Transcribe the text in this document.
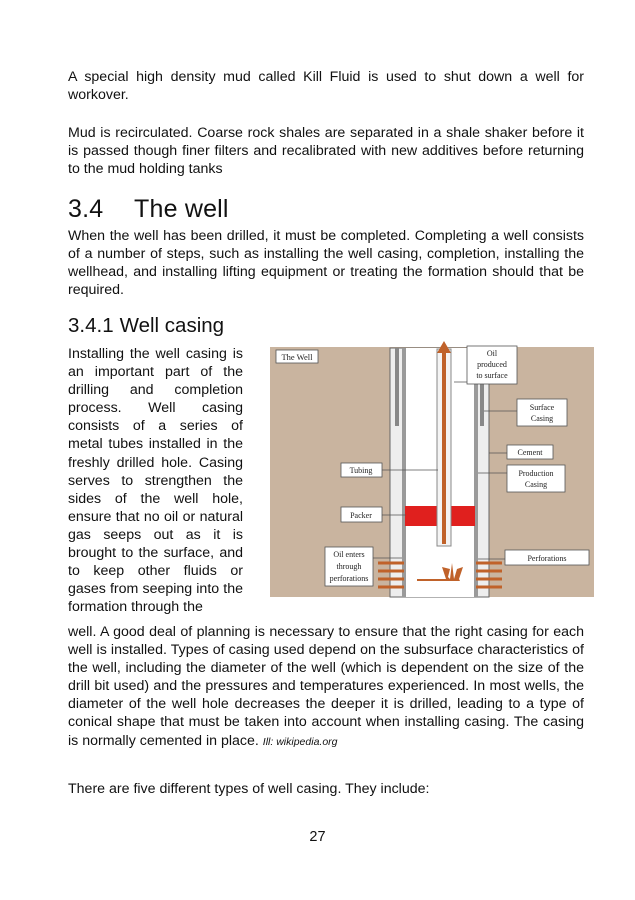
A special high density mud called Kill Fluid is used to shut down a well for workover.

Mud is recirculated. Coarse rock shales are separated in a shale shaker before it is passed though finer filters and recalibrated with new additives before returning to the mud holding tanks

3.4 The well

When the well has been drilled, it must be completed. Completing a well consists of a number of steps, such as installing the well casing, completion, installing the wellhead, and installing lifting equipment or treating the formation should that be required.

3.4.1 Well casing

Installing the well casing is an important part of the drilling and completion process. Well casing consists of a series of metal tubes installed in the freshly drilled hole. Casing serves to strengthen the sides of the well hole, ensure that no oil or natural gas seeps out as it is brought to the surface, and to keep other fluids or gases from seeping into the formation through the

The Well	Oil
produced
to surface
Surface
Casing
Cement
Production
Casing
Tubing
Packer
Oil enters
through
perforations
Perforations

well. A good deal of planning is necessary to ensure that the right casing for each well is installed. Types of casing used depend on the subsurface characteristics of the well, including the diameter of the well (which is dependent on the size of the drill bit used) and the pressures and temperatures experienced. In most wells, the diameter of the well hole decreases the deeper it is drilled, leading to a type of conical shape that must be taken into account when installing casing. The casing is normally cemented in place. Ill: wikipedia.org

There are five different types of well casing. They include:

27
